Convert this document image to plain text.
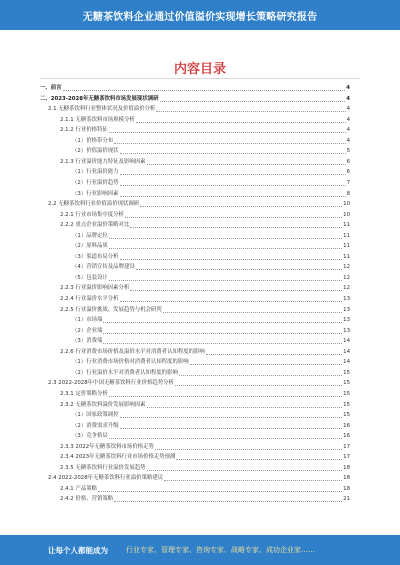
无糖茶饮料企业通过价值溢价实现增长策略研究报告
内容目录
一、前言	4
二、2023-2028年无糖茶饮料市场发展现状调研	4
2.1 无糖茶饮料行业整体状况及价值溢价分析	4
2.1.1 无糖茶饮料市场规模分析	4
2.1.2 行业价格特征	4
（1）价格带分布	4
（2）价值溢价现状	5
2.1.3 行业溢价能力特征及影响因素	6
（1）行业溢价能力	6
（2）行业溢价趋势	7
（3）行业影响因素	8
2.2 无糖茶饮料行业价值溢价现状调研	10
2.2.1 行业市场集中度分析	10
2.2.2 重点企业溢价策略对比	11
（1）品牌定位	11
（2）原料品质	11
（3）渠道布局分析	11
（4）营销宣传及品牌建设	12
（5）包装设计	12
2.2.3 行业溢价影响因素分析	12
2.2.4 行业溢价水平分析	13
2.2.5 行业溢价挑战、发展趋势与机会研判	13
（1）市场端	13
（2）企业端	13
（3）消费端	14
2.2.6 行业消费市场价格及溢价水平对消费者认知程度的影响	14
（1）行业消费市场价格对消费者认知程度的影响	14
（2）行业溢价水平对消费者认知程度的影响	15
2.3 2022-2028年中国无糖茶饮料行业价格趋势分析	15
2.3.1 定价策略分析	15
2.3.2 无糖茶饮料溢价发展影响因素	15
（1）国家政策调控	15
（2）消费需求升级	16
（3）竞争格局	16
2.3.3 2022年无糖茶饮料市场价格走势	17
2.3.4 2023年无糖茶饮料行业市场价格走势预测	17
2.3.5 无糖茶饮料行业溢价发展趋势	18
2.4 2022-2028年无糖茶饮料行业溢价策略建议	18
2.4.1 产品策略	18
2.4.2 价格、营销策略	21
让每个人都能成为	行业专家、管理专家、咨询专家、战略专家、成功企业家……
